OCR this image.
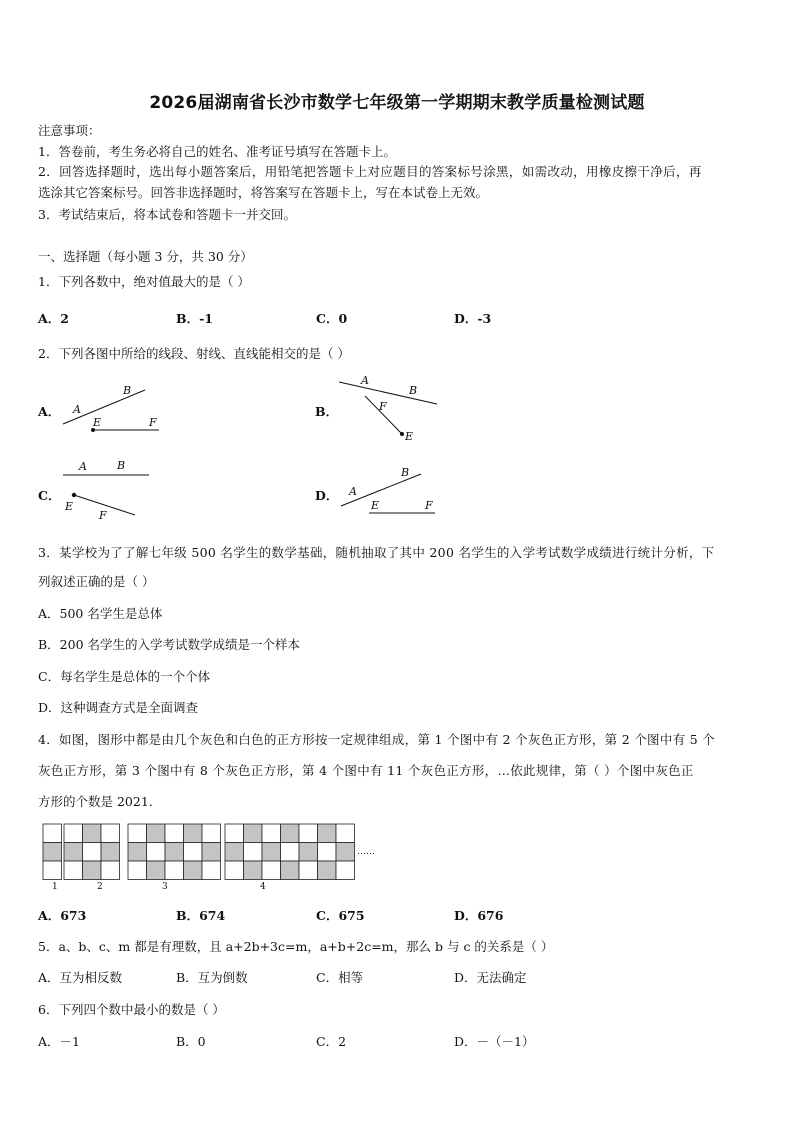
2026届湖南省长沙市数学七年级第一学期期末教学质量检测试题
注意事项：
1．答卷前，考生务必将自己的姓名、准考证号填写在答题卡上。
2．回答选择题时，选出每小题答案后，用铅笔把答题卡上对应题目的答案标号涂黑，如需改动，用橡皮擦干净后，再
选涂其它答案标号。回答非选择题时，将答案写在答题卡上，写在本试卷上无效。
3．考试结束后，将本试卷和答题卡一并交回。
一、选择题（每小题 3 分，共 30 分）
1．下列各数中，绝对值最大的是（ ）
A．2	B．-1	C．0	D．-3
2．下列各图中所给的线段、射线、直线能相交的是（ ）
A．	B．
C．	D．
A
B
E	F
A
B
F
E
A	B
E
F
A
B
E	F
3．某学校为了了解七年级 500 名学生的数学基础，随机抽取了其中 200 名学生的入学考试数学成绩进行统计分析，下
列叙述正确的是（ ）
A．500 名学生是总体
B．200 名学生的入学考试数学成绩是一个样本
C．每名学生是总体的一个个体
D．这种调查方式是全面调查
4．如图，图形中都是由几个灰色和白色的正方形按一定规律组成，第 1 个图中有 2 个灰色正方形，第 2 个图中有 5 个
灰色正方形，第 3 个图中有 8 个灰色正方形，第 4 个图中有 11 个灰色正方形，…依此规律，第（ ）个图中灰色正
方形的个数是 2021.
1	2	3	4
……
A．673	B．674	C．675	D．676
5．a、b、c、m 都是有理数，且 a+2b+3c=m，a+b+2c=m，那么 b 与 c 的关系是（ ）
A．互为相反数	B．互为倒数	C．相等	D．无法确定
6．下列四个数中最小的数是（ ）
A．－1	B．0	C．2	D．－（－1）
